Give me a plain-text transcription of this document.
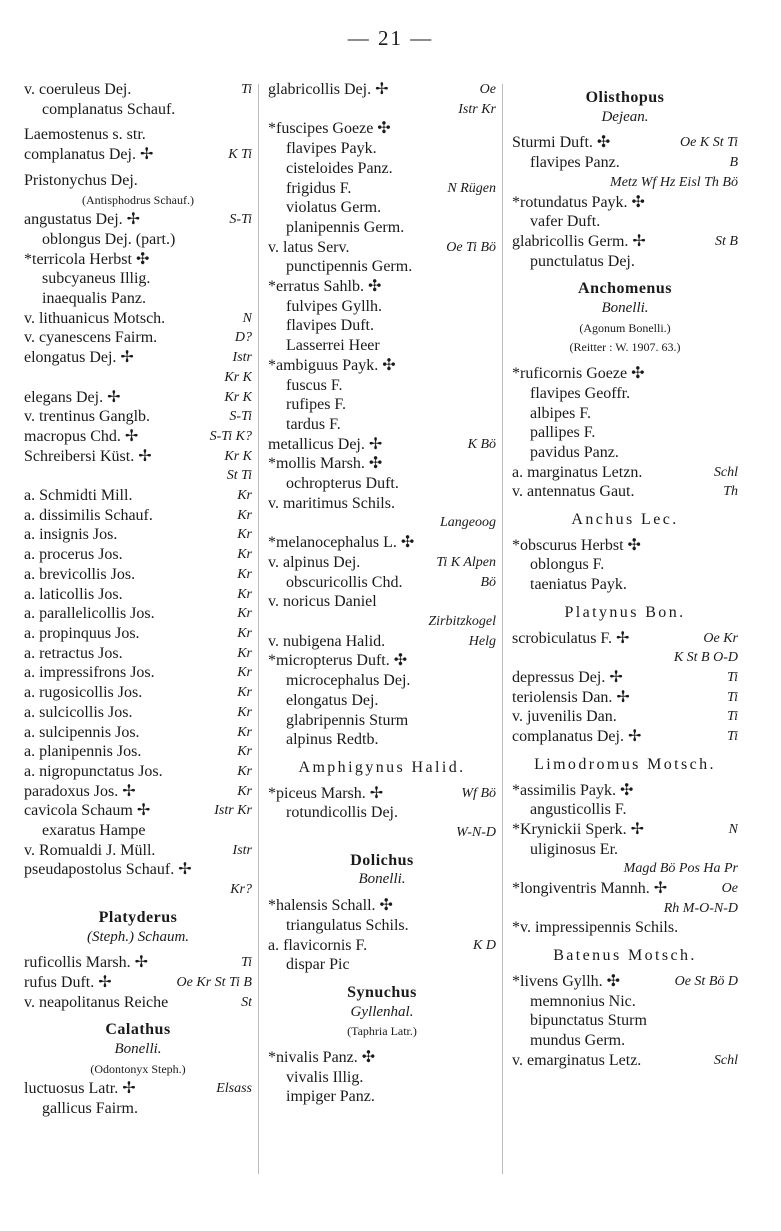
— 21 —
v. coeruleus Dej.	Ti
complanatus Schauf.
Laemostenus s. str.
complanatus Dej. ✢	K Ti
Pristonychus Dej.
(Antisphodrus Schauf.)
angustatus Dej. ✢	S-Ti
oblongus Dej. (part.)
*terricola Herbst ✣
subcyaneus Illig.
inaequalis Panz.
v. lithuanicus Motsch.	N
v. cyanescens Fairm.	D?
elongatus Dej. ✢	Istr
Kr K
elegans Dej. ✢	Kr K
v. trentinus Ganglb.	S-Ti
macropus Chd. ✢	S-Ti K?
Schreibersi Küst. ✢	Kr K
St Ti
a. Schmidti Mill.	Kr
a. dissimilis Schauf.	Kr
a. insignis Jos.	Kr
a. procerus Jos.	Kr
a. brevicollis Jos.	Kr
a. laticollis Jos.	Kr
a. parallelicollis Jos.	Kr
a. propinquus Jos.	Kr
a. retractus Jos.	Kr
a. impressifrons Jos.	Kr
a. rugosicollis Jos.	Kr
a. sulcicollis Jos.	Kr
a. sulcipennis Jos.	Kr
a. planipennis Jos.	Kr
a. nigropunctatus Jos.	Kr
paradoxus Jos. ✢	Kr
cavicola Schaum ✢	Istr Kr
exaratus Hampe
v. Romualdi J. Müll.	Istr
pseudapostolus Schauf. ✢
Kr?
Platyderus
(Steph.) Schaum.
ruficollis Marsh. ✢	Ti
rufus Duft. ✢	Oe Kr St Ti B
v. neapolitanus Reiche	St
Calathus
Bonelli.
(Odontonyx Steph.)
luctuosus Latr. ✢	Elsass
gallicus Fairm.
glabricollis Dej. ✢	Oe
Istr Kr
*fuscipes Goeze ✣
flavipes Payk.
cisteloides Panz.
frigidus F.	N Rügen
violatus Germ.
planipennis Germ.
v. latus Serv.	Oe Ti Bö
punctipennis Germ.
*erratus Sahlb. ✣
fulvipes Gyllh.
flavipes Duft.
Lasserrei Heer
*ambiguus Payk. ✣
fuscus F.
rufipes F.
tardus F.
metallicus Dej. ✢	K Bö
*mollis Marsh. ✣
ochropterus Duft.
v. maritimus Schils.
Langeoog
*melanocephalus L. ✣
v. alpinus Dej.	Ti K Alpen
obscuricollis Chd.	Bö
v. noricus Daniel
Zirbitzkogel
v. nubigena Halid.	Helg
*micropterus Duft. ✣
microcephalus Dej.
elongatus Dej.
glabripennis Sturm
alpinus Redtb.
Amphigynus Halid.
*piceus Marsh. ✢	Wf Bö
rotundicollis Dej.
W-N-D
Dolichus
Bonelli.
*halensis Schall. ✣
triangulatus Schils.
a. flavicornis F.	K D
dispar Pic
Synuchus
Gyllenhal.
(Taphria Latr.)
*nivalis Panz. ✣
vivalis Illig.
impiger Panz.
Olisthopus
Dejean.
Sturmi Duft. ✣	Oe K St Ti
flavipes Panz.	B
Metz Wf Hz Eisl Th Bö
*rotundatus Payk. ✣
vafer Duft.
glabricollis Germ. ✢	St B
punctulatus Dej.
Anchomenus
Bonelli.
(Agonum Bonelli.)
(Reitter : W. 1907. 63.)
*ruficornis Goeze ✣
flavipes Geoffr.
albipes F.
pallipes F.
pavidus Panz.
a. marginatus Letzn.	Schl
v. antennatus Gaut.	Th
Anchus Lec.
*obscurus Herbst ✣
oblongus F.
taeniatus Payk.
Platynus Bon.
scrobiculatus F. ✢	Oe Kr
K St B O-D
depressus Dej. ✢	Ti
teriolensis Dan. ✢	Ti
v. juvenilis Dan.	Ti
complanatus Dej. ✢	Ti
Limodromus Motsch.
*assimilis Payk. ✣
angusticollis F.
*Krynickii Sperk. ✢	N
uliginosus Er.
Magd Bö Pos Ha Pr
*longiventris Mannh. ✢	Oe
Rh M-O-N-D
*v. impressipennis Schils.
Batenus Motsch.
*livens Gyllh. ✣	Oe St Bö D
memnonius Nic.
bipunctatus Sturm
mundus Germ.
v. emarginatus Letz.	Schl
